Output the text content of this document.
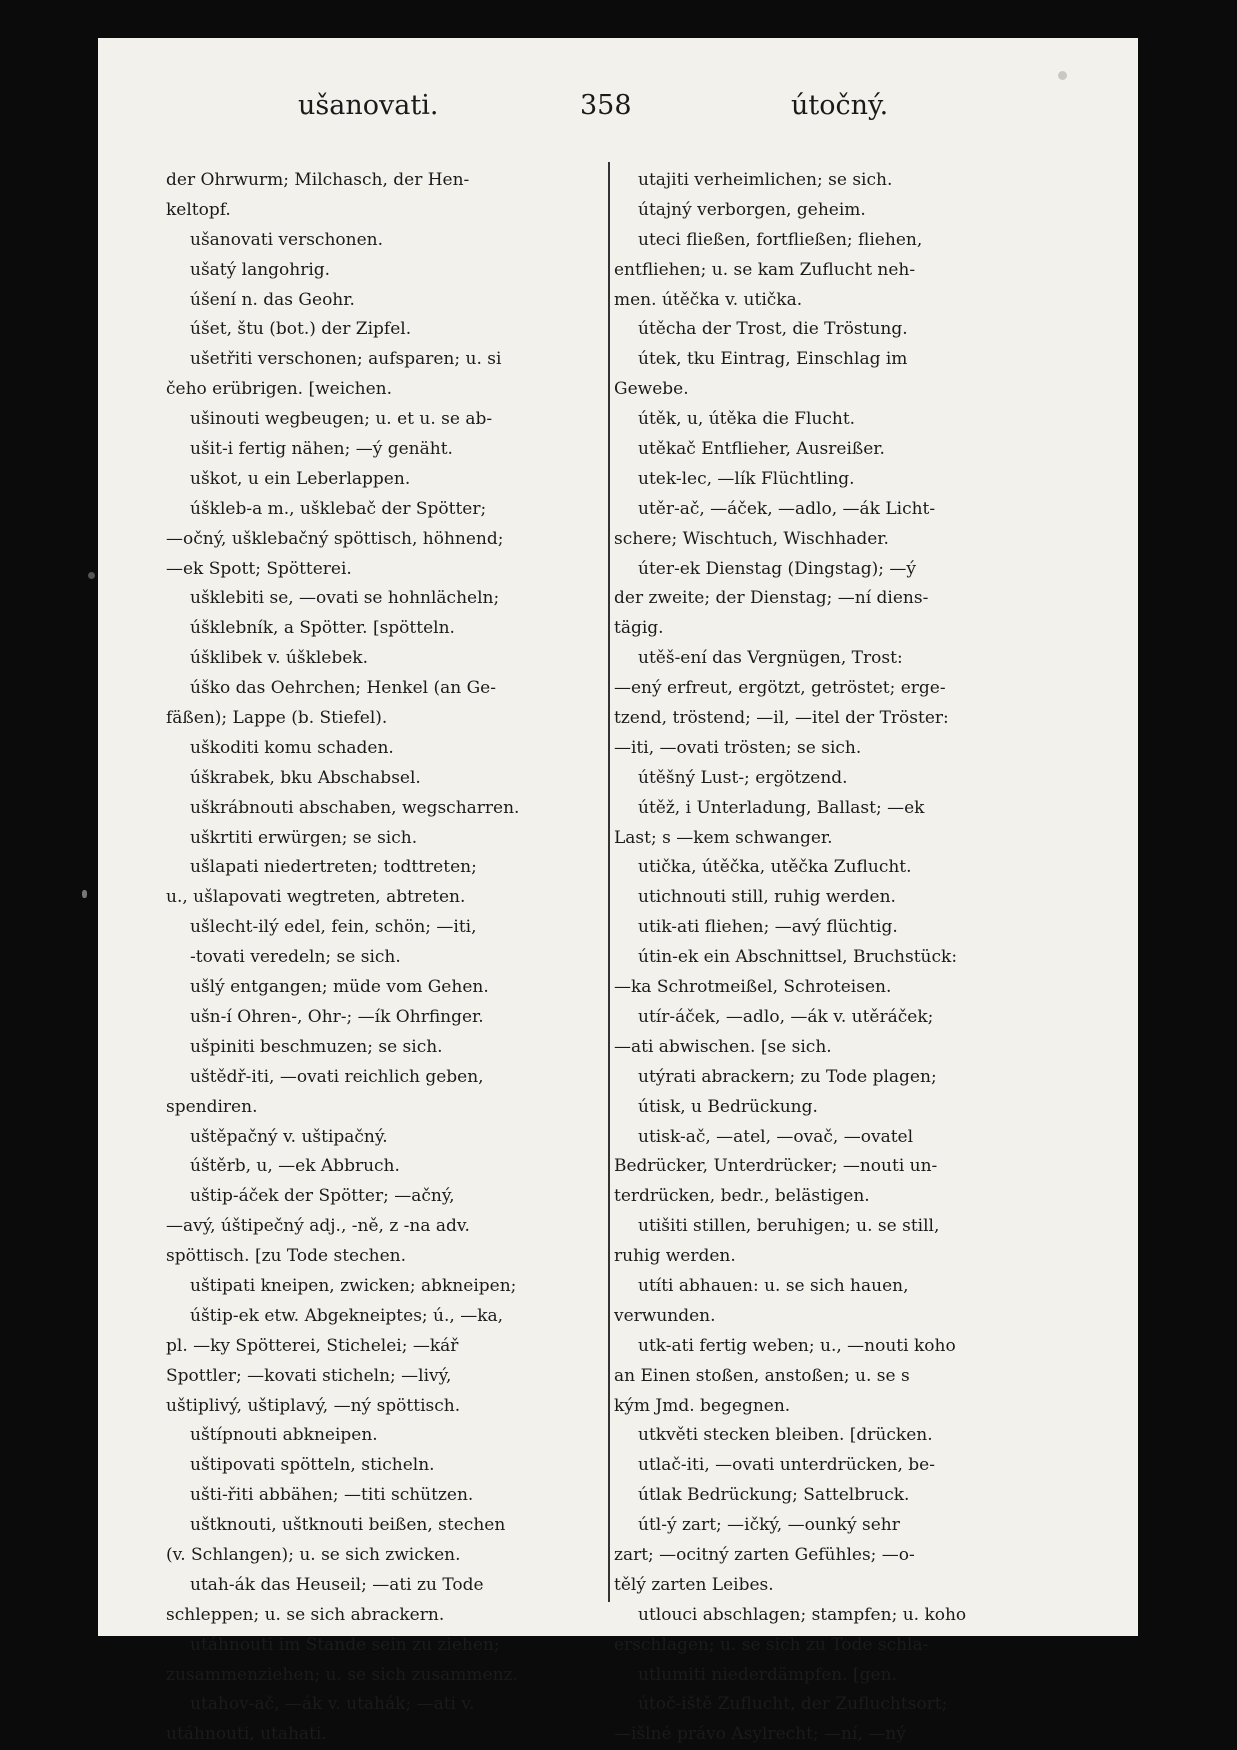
ušanovati.	358	útočný.
der Ohrwurm; Milchasch, der Hen-
keltopf.
ušanovati verschonen.
ušatý langohrig.
úšení n. das Geohr.
úšet, štu (bot.) der Zipfel.
ušetřiti verschonen; aufsparen; u. si
čeho erübrigen. [weichen.
ušinouti wegbeugen; u. et u. se ab-
ušit-i fertig nähen; —ý genäht.
uškot, u ein Leberlappen.
úškleb-a m., ušklebač der Spötter;
—očný, ušklebačný spöttisch, höhnend;
—ek Spott; Spötterei.
ušklebiti se, —ovati se hohnlächeln;
úšklebník, a Spötter. [spötteln.
úšklibek v. úšklebek.
úško das Oehrchen; Henkel (an Ge-
fäßen); Lappe (b. Stiefel).
uškoditi komu schaden.
úškrabek, bku Abschabsel.
uškrábnouti abschaben, wegscharren.
uškrtiti erwürgen; se sich.
ušlapati niedertreten; todttreten;
u., ušlapovati wegtreten, abtreten.
ušlecht-ilý edel, fein, schön; —iti,
-tovati veredeln; se sich.
ušlý entgangen; müde vom Gehen.
ušn-í Ohren-, Ohr-; —ík Ohrfinger.
ušpiniti beschmuzen; se sich.
uštědř-iti, —ovati reichlich geben,
spendiren.
uštěpačný v. uštipačný.
úštěrb, u, —ek Abbruch.
uštip-áček der Spötter; —ačný,
—avý, úštipečný adj., -ně, z -na adv.
spöttisch. [zu Tode stechen.
uštipati kneipen, zwicken; abkneipen;
úštip-ek etw. Abgekneiptes; ú., —ka,
pl. —ky Spötterei, Stichelei; —kář
Spottler; —kovati sticheln; —livý,
uštiplivý, uštiplavý, —ný spöttisch.
uštípnouti abkneipen.
uštipovati spötteln, sticheln.
ušti-řiti abbähen; —titi schützen.
uštknouti, uštknouti beißen, stechen
(v. Schlangen); u. se sich zwicken.
utah-ák das Heuseil; —ati zu Tode
schleppen; u. se sich abrackern.
utáhnouti im Stande sein zu ziehen;
zusammenziehen; u. se sich zusammenz.
utahov-ač, —ák v. utahák; —ati v.
utáhnouti, utahati.
utajiti verheimlichen; se sich.
útajný verborgen, geheim.
uteci fließen, fortfließen; fliehen,
entfliehen; u. se kam Zuflucht neh-
men. útěčka v. utička.
útěcha der Trost, die Tröstung.
útek, tku Eintrag, Einschlag im
Gewebe.
útěk, u, útěka die Flucht.
utěkač Entflieher, Ausreißer.
utek-lec, —lík Flüchtling.
utěr-ač, —áček, —adlo, —ák Licht-
schere; Wischtuch, Wischhader.
úter-ek Dienstag (Dingstag); —ý
der zweite; der Dienstag; —ní diens-
tägig.
utěš-ení das Vergnügen, Trost:
—ený erfreut, ergötzt, getröstet; erge-
tzend, tröstend; —il, —itel der Tröster:
—iti, —ovati trösten; se sich.
útěšný Lust-; ergötzend.
útěž, i Unterladung, Ballast; —ek
Last; s —kem schwanger.
utička, útěčka, utěčka Zuflucht.
utichnouti still, ruhig werden.
utik-ati fliehen; —avý flüchtig.
útin-ek ein Abschnittsel, Bruchstück:
—ka Schrotmeißel, Schroteisen.
utír-áček, —adlo, —ák v. utěráček;
—ati abwischen. [se sich.
utýrati abrackern; zu Tode plagen;
útisk, u Bedrückung.
utisk-ač, —atel, —ovač, —ovatel
Bedrücker, Unterdrücker; —nouti un-
terdrücken, bedr., belästigen.
utišiti stillen, beruhigen; u. se still,
ruhig werden.
utíti abhauen: u. se sich hauen,
verwunden.
utk-ati fertig weben; u., —nouti koho
an Einen stoßen, anstoßen; u. se s
kým Jmd. begegnen.
utkvěti stecken bleiben. [drücken.
utlač-iti, —ovati unterdrücken, be-
útlak Bedrückung; Sattelbruck.
útl-ý zart; —ičký, —ounký sehr
zart; —ocitný zarten Gefühles; —o-
tělý zarten Leibes.
utlouci abschlagen; stampfen; u. koho
erschlagen; u. se sich zu Tode schla-
utlumiti niederdämpfen. [gen.
útoč-iště Zuflucht, der Zufluchtsort;
—išlné právo Asylrecht; —ní, —ný
